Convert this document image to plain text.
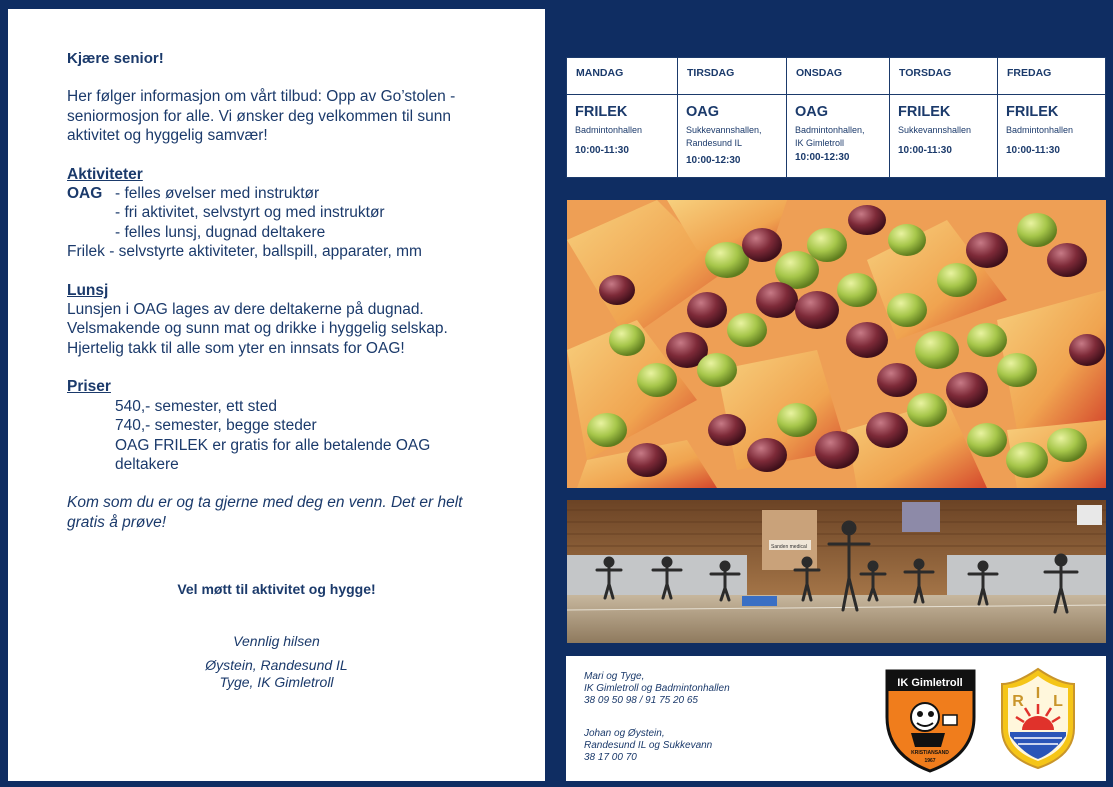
Kjære senior!
Her følger informasjon om vårt tilbud: Opp av Go’stolen -
seniormosjon for alle. Vi ønsker deg velkommen til sunn
aktivitet og hyggelig samvær!
Aktiviteter
OAG - felles øvelser med instruktør
- fri aktivitet, selvstyrt og med instruktør
- felles lunsj, dugnad deltakere
Frilek - selvstyrte aktiviteter, ballspill, apparater, mm
Lunsj
Lunsjen i OAG lages av dere deltakerne på dugnad.
Velsmakende og sunn mat og drikke i hyggelig selskap.
Hjertelig takk til alle som yter en innsats for OAG!
Priser
540,- semester, ett sted
740,- semester, begge steder
OAG FRILEK er gratis for alle betalende OAG
deltakere
Kom som du er og ta gjerne med deg en venn. Det er helt
gratis å prøve!
Vel møtt til aktivitet og hygge!
Vennlig hilsen
Øystein, Randesund IL
Tyge, IK Gimletroll
MANDAG
FRILEK
Badmintonhallen
10:00-11:30
TIRSDAG
OAG
Sukkevannshallen,
Randesund IL
10:00-12:30
ONSDAG
OAG
Badmintonhallen,
IK Gimletroll
10:00-12:30
TORSDAG
FRILEK
Sukkevannshallen
10:00-11:30
FREDAG
FRILEK
Badmintonhallen
10:00-11:30
Sanden medical
Mari og Tyge,
IK Gimletroll og Badmintonhallen
38 09 50 98 / 91 75 20 65
Johan og Øystein,
Randesund IL og Sukkevann
38 17 00 70
IK Gimletroll
KRISTIANSAND
1967
R I L
